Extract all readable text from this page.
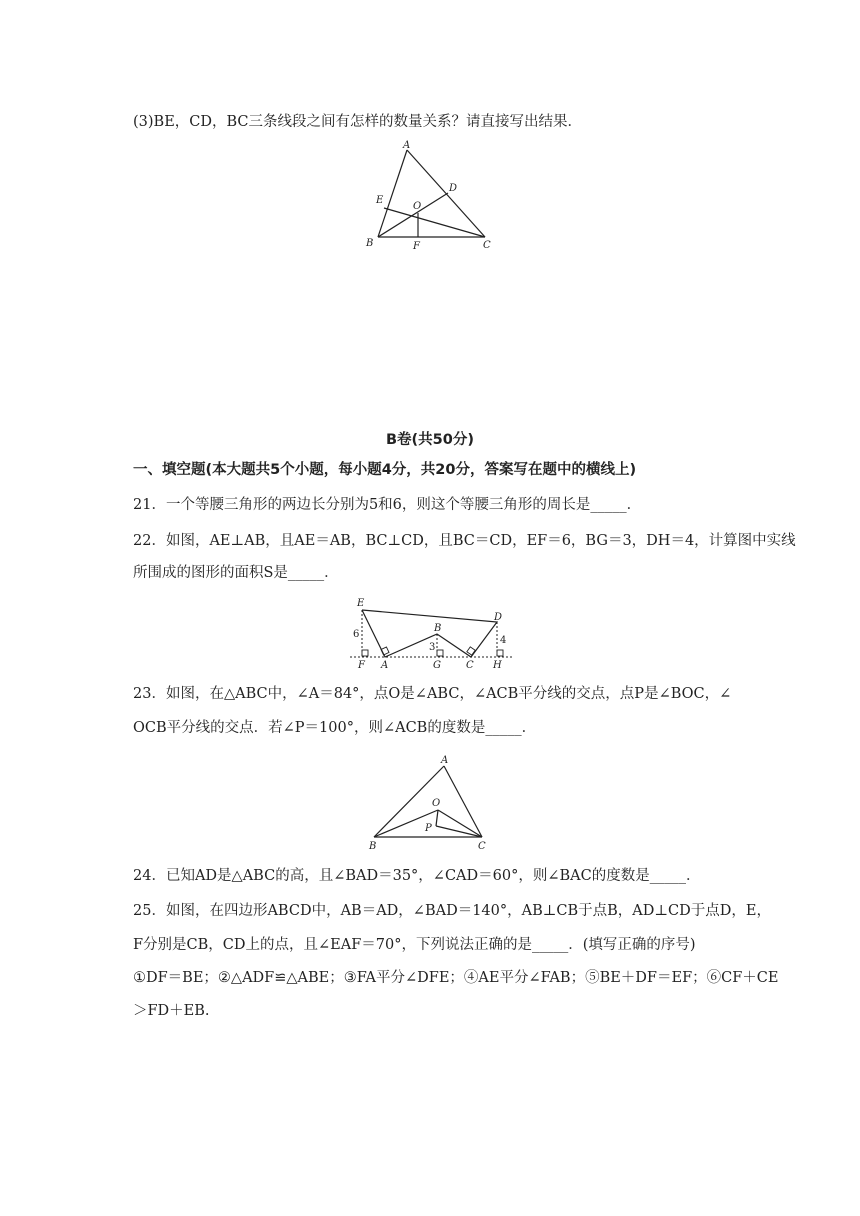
(3)BE，CD，BC三条线段之间有怎样的数量关系？请直接写出结果．
A
B	C
D
E
O
F
B卷(共50分)
一、填空题(本大题共5个小题，每小题4分，共20分，答案写在题中的横线上)
21．一个等腰三角形的两边长分别为5和6，则这个等腰三角形的周长是_____．
22．如图，AE⊥AB，且AE＝AB，BC⊥CD，且BC＝CD，EF＝6，BG＝3，DH＝4，计算图中实线
所围成的图形的面积S是_____．
E
D
B
F A	G	C H
6
3
4
23．如图，在△ABC中，∠A＝84°，点O是∠ABC，∠ACB平分线的交点，点P是∠BOC，∠
OCB平分线的交点．若∠P＝100°，则∠ACB的度数是_____．
A
B	C
O
P
24．已知AD是△ABC的高，且∠BAD＝35°，∠CAD＝60°，则∠BAC的度数是_____．
25．如图，在四边形ABCD中，AB＝AD，∠BAD＝140°，AB⊥CB于点B，AD⊥CD于点D，E，
F分别是CB，CD上的点，且∠EAF＝70°，下列说法正确的是_____．(填写正确的序号)
①DF＝BE；②△ADF≌△ABE；③FA平分∠DFE；④AE平分∠FAB；⑤BE＋DF＝EF；⑥CF＋CE
＞FD＋EB.
